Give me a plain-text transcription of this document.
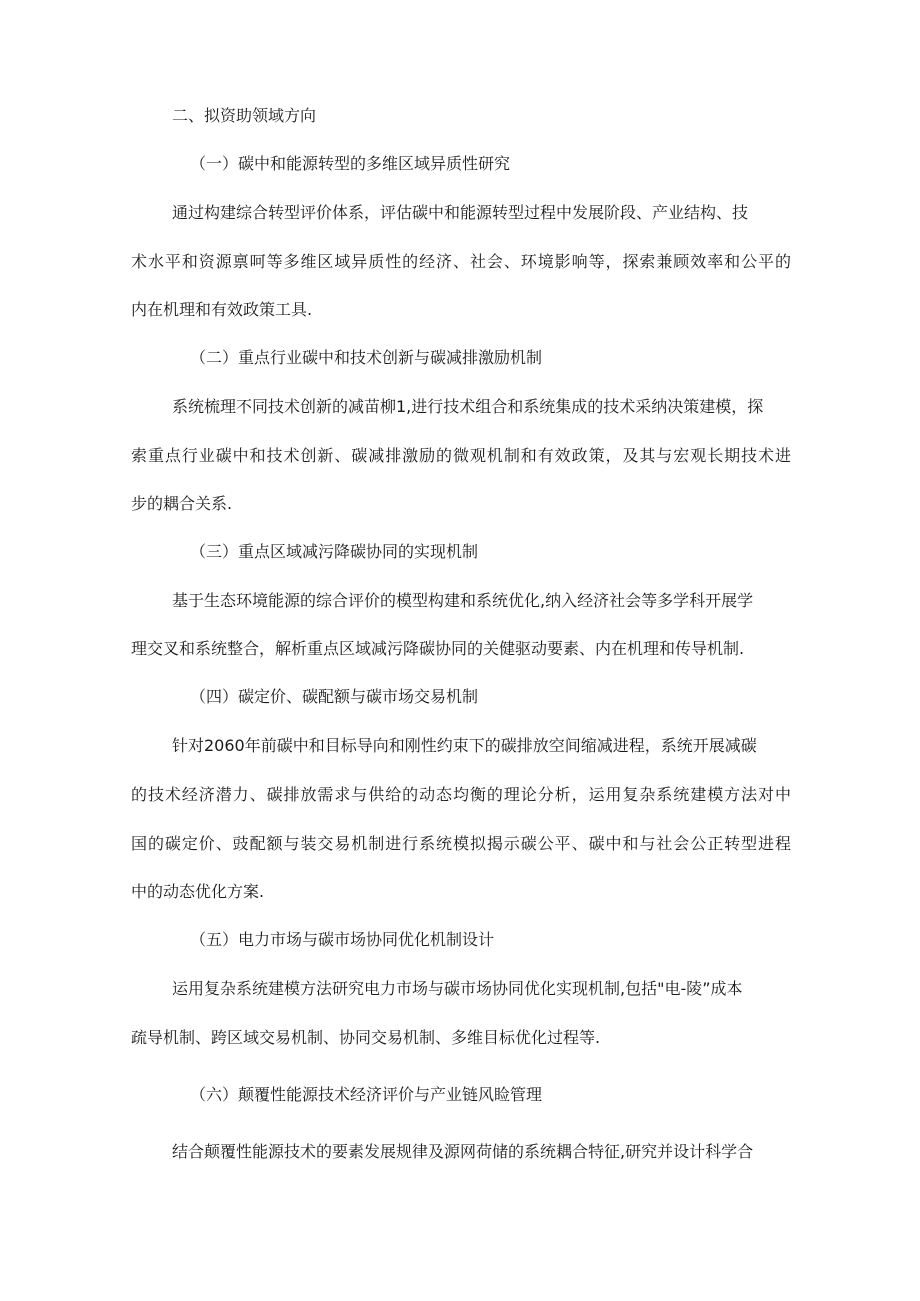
二、拟资助领域方向
（一）碳中和能源转型的多维区域异质性研究
通过构建综合转型评价体系，评估碳中和能源转型过程中发展阶段、产业结构、技
术水平和资源禀呵等多维区域异质性的经济、社会、环境影响等，探索兼顾效率和公平的
内在机理和有效政策工具.
（二）重点行业碳中和技术创新与碳减排激励机制
系统梳理不同技术创新的减苗柳1,进行技术组合和系统集成的技术采纳决策建模，探
索重点行业碳中和技术创新、碳减排激励的微观机制和有效政策，及其与宏观长期技术进
步的耦合关系.
（三）重点区域减污降碳协同的实现机制
基于生态环境能源的综合评价的模型构建和系统优化,纳入经济社会等多学科开展学
理交叉和系统整合，解析重点区域减污降碳协同的关健驱动要素、内在机理和传导机制.
（四）碳定价、碳配额与碳市场交易机制
针对2060年前碳中和目标导向和刚性约束下的碳排放空间缩减进程，系统开展减碳
的技术经济潜力、碳排放需求与供给的动态均衡的理论分析，运用复杂系统建模方法对中
国的碳定价、豉配额与装交易机制进行系统模拟揭示碳公平、碳中和与社会公正转型进程
中的动态优化方案.
（五）电力市场与碳市场协同优化机制设计
运用复杂系统建模方法研究电力市场与碳市场协同优化实现机制,包括"电-陵”成本
疏导机制、跨区域交易机制、协同交易机制、多维目标优化过程等.
（六）颠覆性能源技术经济评价与产业链风睑管理
结合颠覆性能源技术的要素发展规律及源网荷储的系统耦合特征,研究并设计科学合
